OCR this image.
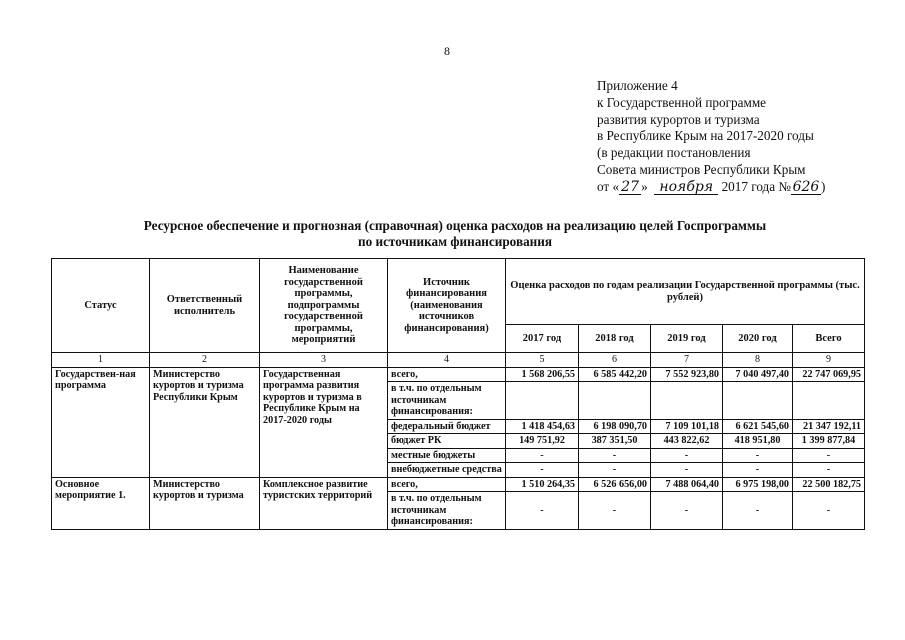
8
Приложение 4
к Государственной программе
развития курортов и туризма
в Республике Крым на 2017-2020 годы
(в редакции постановления
Совета министров Республики Крым
от « 27 » ноября 2017 года № 626 )
Ресурсное обеспечение и прогнозная (справочная) оценка расходов на реализацию целей Госпрограммы
по источникам финансирования
Статус	Ответственный исполнитель	Наименование государственной программы, подпрограммы государственной программы, мероприятий	Источник финансирования (наименования источников финансирования)	Оценка расходов по годам реализации Государственной программы (тыс. рублей)				
				2017 год	2018 год	2019 год	2020 год	Всего
1	2	3	4	5	6	7	8	9
Государствен-ная программа	Министерство курортов и туризма Республики Крым	Государственная программа развития курортов и туризма в Республике Крым на 2017-2020 годы	всего,	1 568 206,55	6 585 442,20	7 552 923,80	7 040 497,40	22 747 069,95
			в т.ч. по отдельным источникам финансирования:					
			федеральный бюджет	1 418 454,63	6 198 090,70	7 109 101,18	6 621 545,60	21 347 192,11
			бюджет РК	149 751,92	387 351,50	443 822,62	418 951,80	1 399 877,84
			местные бюджеты	-	-	-	-	-
			внебюджетные средства	-	-	-	-	-
Основное мероприятие 1.	Министерство курортов и туризма	Комплексное развитие туристских территорий	всего,	1 510 264,35	6 526 656,00	7 488 064,40	6 975 198,00	22 500 182,75
			в т.ч. по отдельным источникам финансирования:	-	-	-	-	-
